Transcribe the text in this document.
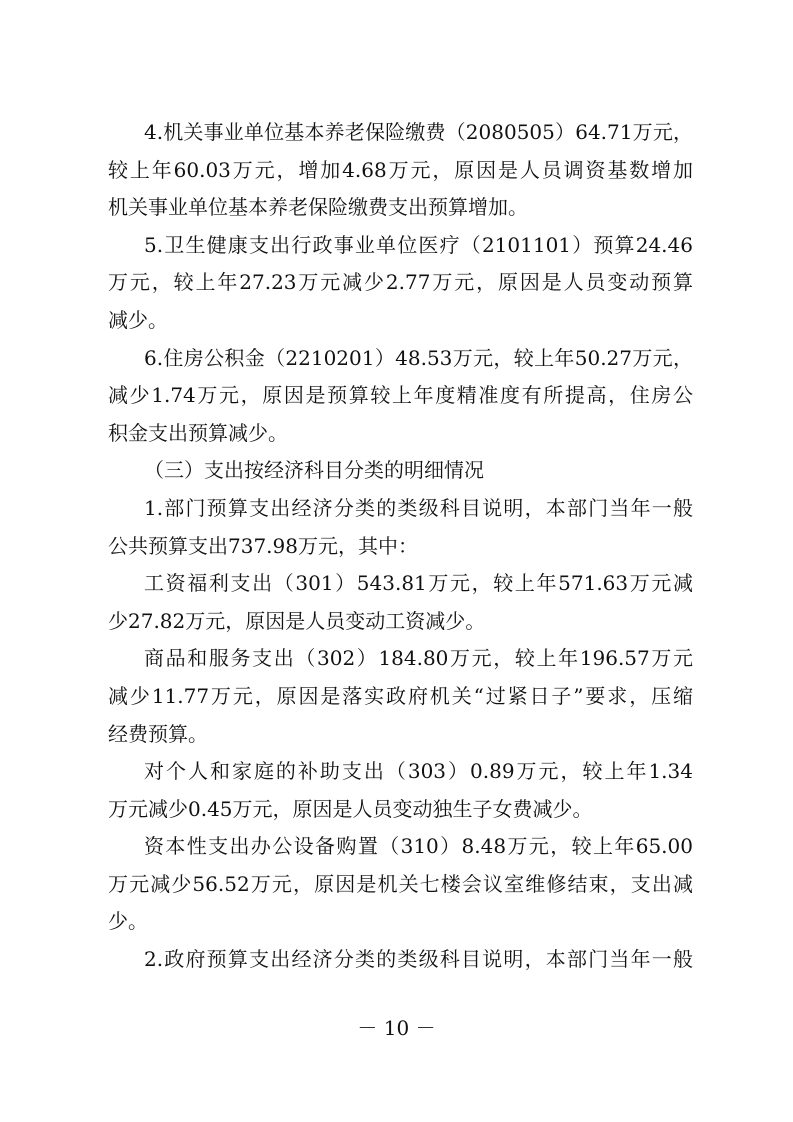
4.机关事业单位基本养老保险缴费（2080505）64.71万元，
较上年60.03万元，增加4.68万元，原因是人员调资基数增加
机关事业单位基本养老保险缴费支出预算增加。
5.卫生健康支出行政事业单位医疗（2101101）预算24.46
万元，较上年27.23万元减少2.77万元，原因是人员变动预算
减少。
6.住房公积金（2210201）48.53万元，较上年50.27万元，
减少1.74万元，原因是预算较上年度精准度有所提高，住房公
积金支出预算减少。
（三）支出按经济科目分类的明细情况
1.部门预算支出经济分类的类级科目说明，本部门当年一般
公共预算支出737.98万元，其中：
工资福利支出（301）543.81万元，较上年571.63万元减
少27.82万元，原因是人员变动工资减少。
商品和服务支出（302）184.80万元，较上年196.57万元
减少11.77万元，原因是落实政府机关“过紧日子”要求，压缩
经费预算。
对个人和家庭的补助支出（303）0.89万元，较上年1.34
万元减少0.45万元，原因是人员变动独生子女费减少。
资本性支出办公设备购置（310）8.48万元，较上年65.00
万元减少56.52万元，原因是机关七楼会议室维修结束，支出减
少。
2.政府预算支出经济分类的类级科目说明，本部门当年一般
－ 10 －
